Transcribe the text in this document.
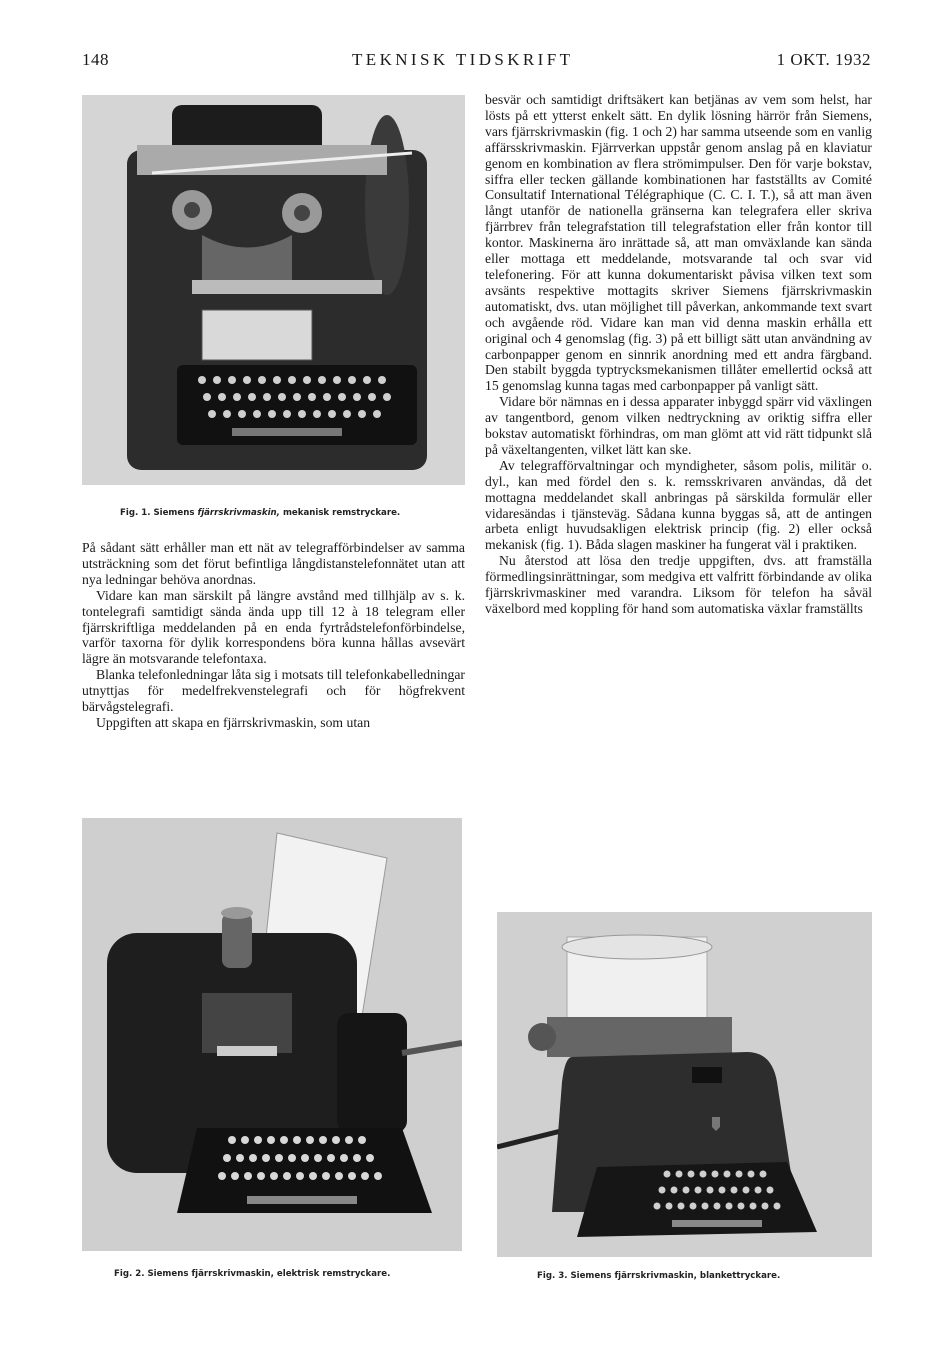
148	TEKNISK TIDSKRIFT	1 OKT. 1932
Fig. 1. Siemens fjärrskrivmaskin, mekanisk remstryckare.

På sådant sätt erhåller man ett nät av telegrafförbindelser av samma utsträckning som det förut befintliga långdistanstelefonnätet utan att nya ledningar behöva anordnas.

Vidare kan man särskilt på längre avstånd med tillhjälp av s. k. tontelegrafi samtidigt sända ända upp till 12 à 18 telegram eller fjärrskriftliga meddelanden på en enda fyrtrådstelefonförbindelse, varför taxorna för dylik korrespondens böra kunna hållas avsevärt lägre än motsvarande telefontaxa.

Blanka telefonledningar låta sig i motsats till telefonkabelledningar utnyttjas för medelfrekvenstelegrafi och för högfrekvent bärvågstelegrafi.

Uppgiften att skapa en fjärrskrivmaskin, som utan

besvär och samtidigt driftsäkert kan betjänas av vem som helst, har lösts på ett ytterst enkelt sätt. En dylik lösning härrör från Siemens, vars fjärrskrivmaskin (fig. 1 och 2) har samma utseende som en vanlig affärsskrivmaskin. Fjärrverkan uppstår genom anslag på en klaviatur genom en kombination av flera strömimpulser. Den för varje bokstav, siffra eller tecken gällande kombinationen har fastställts av Comité Consultatif International Télégraphique (C. C. I. T.), så att man även långt utanför de nationella gränserna kan telegrafera eller skriva fjärrbrev från telegrafstation till telegrafstation eller från kontor till kontor. Maskinerna äro inrättade så, att man omväxlande kan sända eller mottaga ett meddelande, motsvarande tal och svar vid telefonering. För att kunna dokumentariskt påvisa vilken text som avsänts respektive mottagits skriver Siemens fjärrskrivmaskin automatiskt, dvs. utan möjlighet till påverkan, ankommande text svart och avgående röd. Vidare kan man vid denna maskin erhålla ett original och 4 genomslag (fig. 3) på ett billigt sätt utan användning av carbonpapper genom en sinnrik anordning med ett andra färgband. Den stabilt byggda typtrycksmekanismen tillåter emellertid också att 15 genomslag kunna tagas med carbonpapper på vanligt sätt.

Vidare bör nämnas en i dessa apparater inbyggd spärr vid växlingen av tangentbord, genom vilken nedtryckning av oriktig siffra eller bokstav automatiskt förhindras, om man glömt att vid rätt tidpunkt slå på växeltangenten, vilket lätt kan ske.

Av telegrafförvaltningar och myndigheter, såsom polis, militär o. dyl., kan med fördel den s. k. remsskrivaren användas, då det mottagna meddelandet skall anbringas på särskilda formulär eller vidaresändas i tjänsteväg. Sådana kunna byggas så, att de antingen arbeta enligt huvudsakligen elektrisk princip (fig. 2) eller också mekanisk (fig. 1). Båda slagen maskiner ha fungerat väl i praktiken.

Nu återstod att lösa den tredje uppgiften, dvs. att framställa förmedlingsinrättningar, som medgiva ett valfritt förbindande av olika fjärrskrivmaskiner med varandra. Liksom för telefon ha såväl växelbord med koppling för hand som automatiska växlar framställts

Fig. 2. Siemens fjärrskrivmaskin, elektrisk remstryckare.	Fig. 3. Siemens fjärrskrivmaskin, blankettryckare.
